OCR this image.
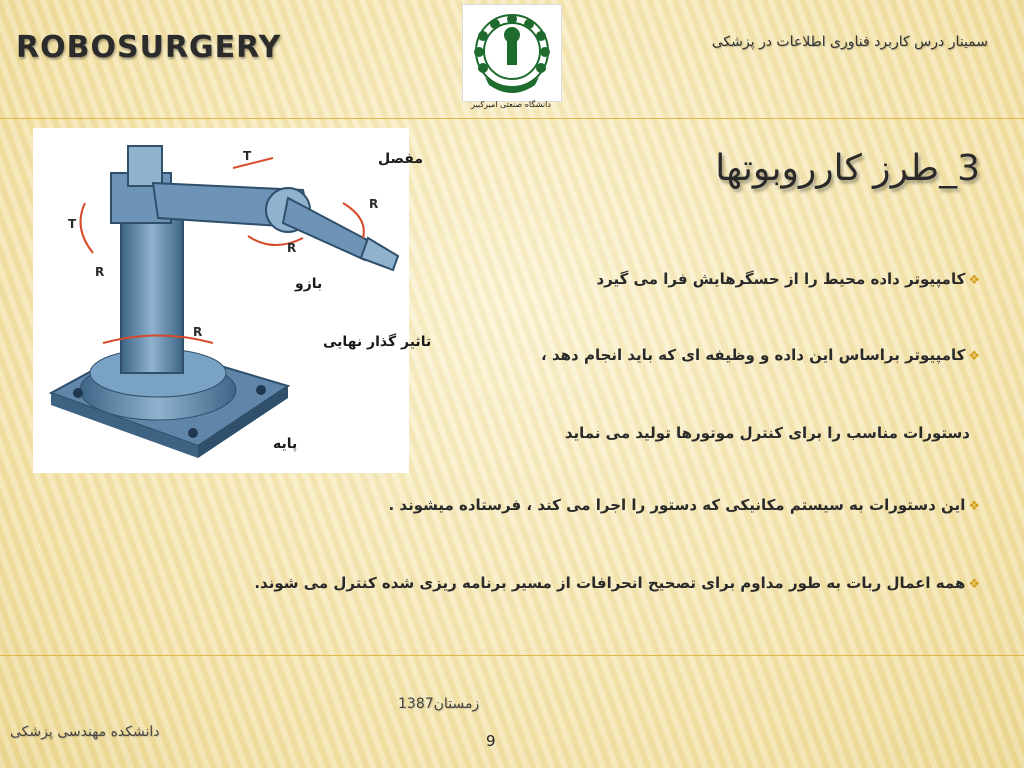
ROBOSURGERY	سمینار درس کاربرد فناوری اطلاعات در پزشکی
دانشگاه صنعتی امیرکبیر
T
T
R
R
R
R
مفصل
بازو
تاثیر گذار نهایی
پایه
3_طرز کارروبوتها
❖کامپیوتر داده محیط را از حسگرهایش فرا می گیرد
❖کامپیوتر براساس این داده و وظیفه ای که باید انجام دهد ،
دستورات مناسب را برای کنترل موتورها تولید می نماید
❖این دستورات به سیستم مکانیکی که دستور را اجرا می کند ، فرستاده میشوند .
❖همه اعمال ربات به طور مداوم برای تصحیح انحرافات از مسیر برنامه ریزی شده کنترل می شوند.
زمستان1387
دانشکده مهندسی پزشکی	9
